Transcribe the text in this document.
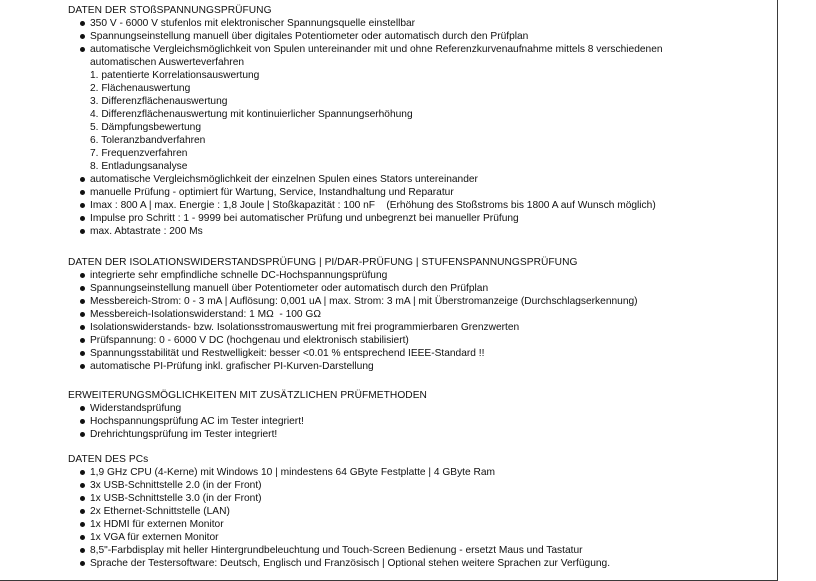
DATEN DER STOßSPANNUNGSPRÜFUNG
350 V - 6000 V stufenlos mit elektronischer Spannungsquelle einstellbar
Spannungseinstellung manuell über digitales Potentiometer oder automatisch durch den Prüfplan
automatische Vergleichsmöglichkeit von Spulen untereinander mit und ohne Referenzkurvenaufnahme mittels 8 verschiedenen automatischen Auswerteverfahren
1. patentierte Korrelationsauswertung
2. Flächenauswertung
3. Differenzflächenauswertung
4. Differenzflächenauswertung mit kontinuierlicher Spannungserhöhung
5. Dämpfungsbewertung
6. Toleranzbandverfahren
7. Frequenzverfahren
8. Entladungsanalyse
automatische Vergleichsmöglichkeit der einzelnen Spulen eines Stators untereinander
manuelle Prüfung - optimiert für Wartung, Service, Instandhaltung und Reparatur
Imax : 800 A | max. Energie : 1,8 Joule | Stoßkapazität : 100 nF    (Erhöhung des Stoßstroms bis 1800 A auf Wunsch möglich)
Impulse pro Schritt : 1 - 9999 bei automatischer Prüfung und unbegrenzt bei manueller Prüfung
max. Abtastrate : 200 Ms
DATEN DER ISOLATIONSWIDERSTANDSPRÜFUNG | PI/DAR-PRÜFUNG | STUFENSPANNUNGSPRÜFUNG
integrierte sehr empfindliche schnelle DC-Hochspannungsprüfung
Spannungseinstellung manuell über Potentiometer oder automatisch durch den Prüfplan
Messbereich-Strom: 0 - 3 mA | Auflösung: 0,001 uA | max. Strom: 3 mA | mit Überstromanzeige (Durchschlagserkennung)
Messbereich-Isolationswiderstand: 1 MΩ  - 100 GΩ
Isolationswiderstands- bzw. Isolationsstromauswertung mit frei programmierbaren Grenzwerten
Prüfspannung: 0 - 6000 V DC (hochgenau und elektronisch stabilisiert)
Spannungsstabilität und Restwelligkeit: besser <0.01 % entsprechend IEEE-Standard !!
automatische PI-Prüfung inkl. grafischer PI-Kurven-Darstellung
ERWEITERUNGSMÖGLICHKEITEN MIT ZUSÄTZLICHEN PRÜFMETHODEN
Widerstandsprüfung
Hochspannungsprüfung AC im Tester integriert!
Drehrichtungsprüfung im Tester integriert!
DATEN DES PCs
1,9 GHz CPU (4-Kerne) mit Windows 10 | mindestens 64 GByte Festplatte | 4 GByte Ram
3x USB-Schnittstelle 2.0 (in der Front)
1x USB-Schnittstelle 3.0 (in der Front)
2x Ethernet-Schnittstelle (LAN)
1x HDMI für externen Monitor
1x VGA für externen Monitor
8,5"-Farbdisplay mit heller Hintergrundbeleuchtung und Touch-Screen Bedienung - ersetzt Maus und Tastatur
Sprache der Testersoftware: Deutsch, Englisch und Französisch | Optional stehen weitere Sprachen zur Verfügung.
